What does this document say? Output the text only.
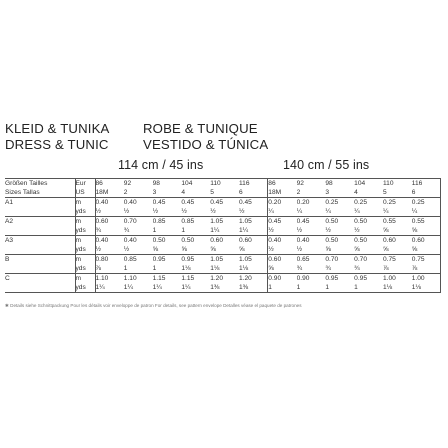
KLEID & TUNIKA	ROBE & TUNIQUE
DRESS & TUNIC	VESTIDO & TÚNICA
114 cm / 45 ins	140 cm / 55 ins
Größen Tailles	Eur	86	92	98	104	110	116	86	92	98	104	110	116
Sizes Tallas	US	18M	2	3	4	5	6	18M	2	3	4	5	6
A1	m	0.40	0.40	0.45	0.45	0.45	0.45	0.20	0.20	0.25	0.25	0.25	0.25
	yds	½	½	½	½	½	½	¼	¼	¼	¼	¼	¼
A2	m	0.60	0.70	0.85	0.85	1.05	1.05	0.45	0.45	0.50	0.50	0.55	0.55
	yds	¾	¾	1	1	1¼	1¼	½	½	½	½	⅝	⅝
A3	m	0.40	0.40	0.50	0.50	0.60	0.60	0.40	0.40	0.50	0.50	0.60	0.60
	yds	½	½	⅝	⅝	⅝	⅝	½	½	⅝	⅝	⅝	⅝
B	m	0.80	0.85	0.95	0.95	1.05	1.05	0.60	0.65	0.70	0.70	0.75	0.75
	yds	⅞	1	1	1⅛	1⅛	1⅛	⅝	¾	¾	¾	⅞	⅞
C	m	1.10	1.10	1.15	1.15	1.20	1.20	0.90	0.90	0.95	0.95	1.00	1.00
	yds	1¼	1¼	1¼	1¼	1⅜	1⅜	1	1	1	1	1⅛	1⅛
✱ Details siehe Schnittpackung Pour les détails voir enveloppe de patron For details, see pattern envelope Detalles véase el paquete de patrones
